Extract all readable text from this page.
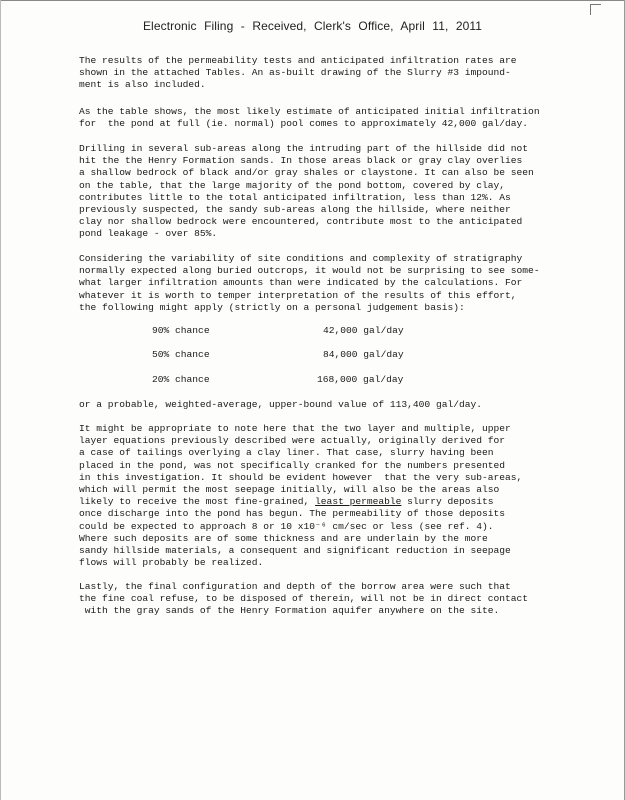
Electronic Filing - Received, Clerk's Office, April 11, 2011
The results of the permeability tests and anticipated infiltration rates are
shown in the attached Tables. An as-built drawing of the Slurry #3 impound-
ment is also included.
As the table shows, the most likely estimate of anticipated initial infiltration
for  the pond at full (ie. normal) pool comes to approximately 42,000 gal/day.
Drilling in several sub-areas along the intruding part of the hillside did not
hit the the Henry Formation sands. In those areas black or gray clay overlies
a shallow bedrock of black and/or gray shales or claystone. It can also be seen
on the table, that the large majority of the pond bottom, covered by clay,
contributes little to the total anticipated infiltration, less than 12%. As
previously suspected, the sandy sub-areas along the hillside, where neither
clay nor shallow bedrock were encountered, contribute most to the anticipated
pond leakage - over 85%.
Considering the variability of site conditions and complexity of stratigraphy
normally expected along buried outcrops, it would not be surprising to see some-
what larger infiltration amounts than were indicated by the calculations. For
whatever it is worth to temper interpretation of the results of this effort,
the following might apply (strictly on a personal judgement basis):
90% chance	42,000 gal/day
50% chance	84,000 gal/day
20% chance	168,000 gal/day
or a probable, weighted-average, upper-bound value of 113,400 gal/day.
It might be appropriate to note here that the two layer and multiple, upper
layer equations previously described were actually, originally derived for
a case of tailings overlying a clay liner. That case, slurry having been
placed in the pond, was not specifically cranked for the numbers presented
in this investigation. It should be evident however  that the very sub-areas,
which will permit the most seepage initially, will also be the areas also
likely to receive the most fine-grained, least permeable slurry deposits
once discharge into the pond has begun. The permeability of those deposits
could be expected to approach 8 or 10 x10⁻⁶ cm/sec or less (see ref. 4).
Where such deposits are of some thickness and are underlain by the more
sandy hillside materials, a consequent and significant reduction in seepage
flows will probably be realized.
Lastly, the final configuration and depth of the borrow area were such that
the fine coal refuse, to be disposed of therein, will not be in direct contact
with the gray sands of the Henry Formation aquifer anywhere on the site.
